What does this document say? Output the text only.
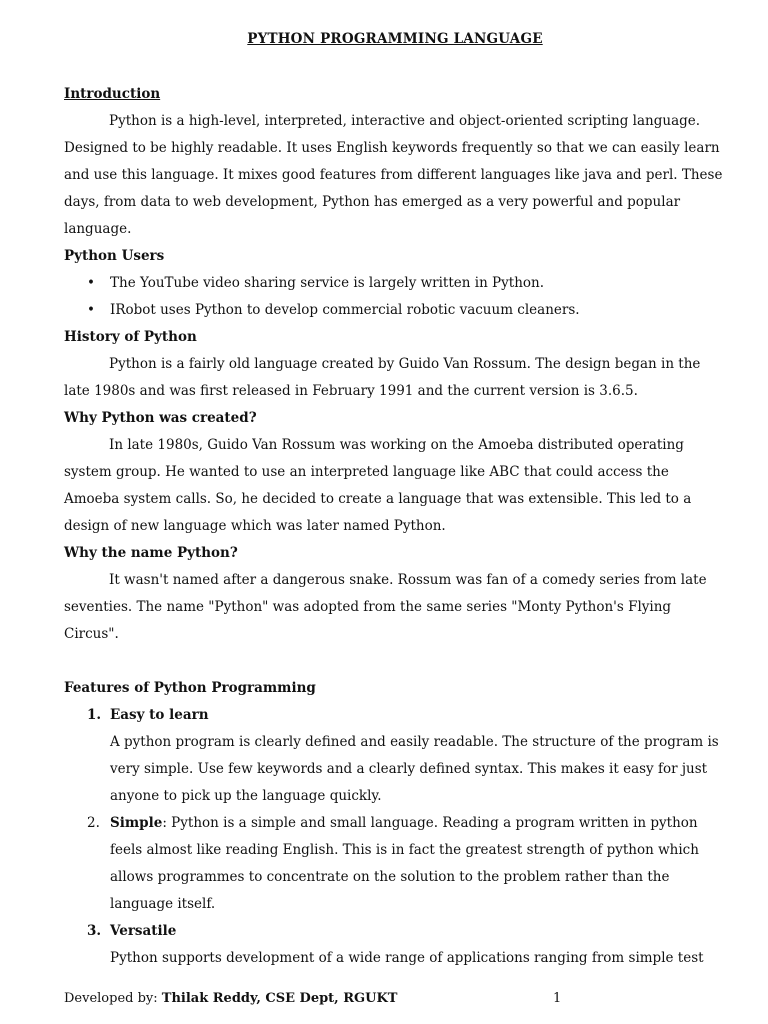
PYTHON PROGRAMMING LANGUAGE

Introduction

Python is a high-level, interpreted, interactive and object-oriented scripting language. Designed to be highly readable. It uses English keywords frequently so that we can easily learn and use this language. It mixes good features from different languages like java and perl. These days, from data to web development, Python has emerged as a very powerful and popular language.

Python Users

• The YouTube video sharing service is largely written in Python.
• IRobot uses Python to develop commercial robotic vacuum cleaners.

History of Python

Python is a fairly old language created by Guido Van Rossum. The design began in the late 1980s and was first released in February 1991 and the current version is 3.6.5.

Why Python was created?

In late 1980s, Guido Van Rossum was working on the Amoeba distributed operating system group. He wanted to use an interpreted language like ABC that could access the Amoeba system calls. So, he decided to create a language that was extensible. This led to a design of new language which was later named Python.

Why the name Python?

It wasn't named after a dangerous snake. Rossum was fan of a comedy series from late seventies. The name "Python" was adopted from the same series "Monty Python's Flying Circus".

Features of Python Programming

1. Easy to learn

A python program is clearly defined and easily readable. The structure of the program is very simple. Use few keywords and a clearly defined syntax. This makes it easy for just anyone to pick up the language quickly.

2. Simple: Python is a simple and small language. Reading a program written in python feels almost like reading English. This is in fact the greatest strength of python which allows programmes to concentrate on the solution to the problem rather than the language itself.

3. Versatile

Python supports development of a wide range of applications ranging from simple test

Developed by: Thilak Reddy, CSE Dept, RGUKT	1
